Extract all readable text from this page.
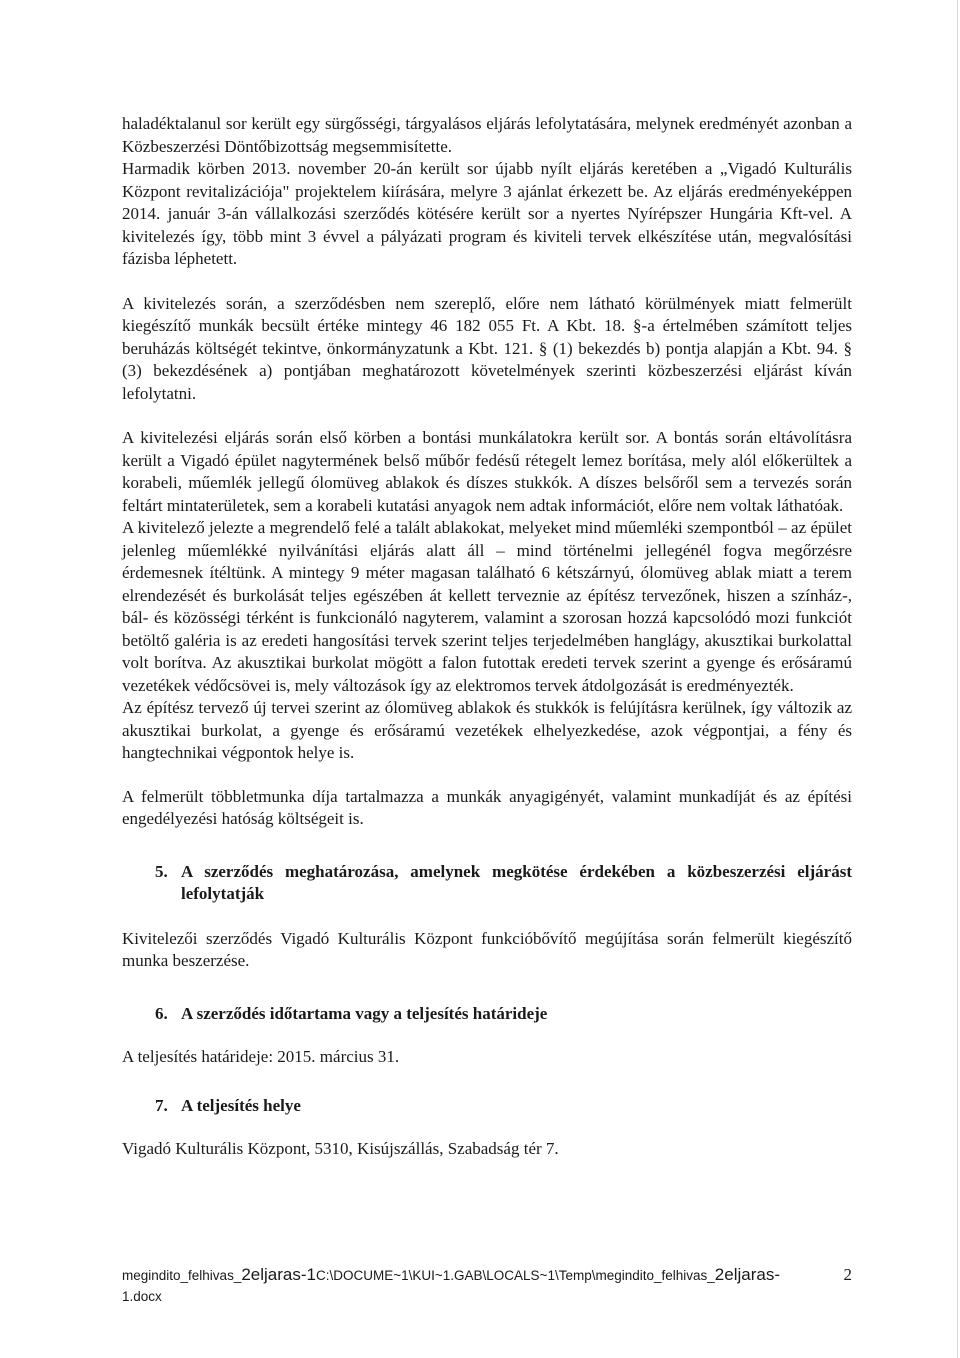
haladéktalanul sor került egy sürgősségi, tárgyalásos eljárás lefolytatására, melynek eredményét azonban a Közbeszerzési Döntőbizottság megsemmisítette.

Harmadik körben 2013. november 20-án került sor újabb nyílt eljárás keretében a „Vigadó Kulturális Központ revitalizációja" projektelem kiírására, melyre 3 ajánlat érkezett be. Az eljárás eredményeképpen 2014. január 3-án vállalkozási szerződés kötésére került sor a nyertes Nyírépszer Hungária Kft-vel. A kivitelezés így, több mint 3 évvel a pályázati program és kiviteli tervek elkészítése után, megvalósítási fázisba léphetett.

A kivitelezés során, a szerződésben nem szereplő, előre nem látható körülmények miatt felmerült kiegészítő munkák becsült értéke mintegy 46 182 055 Ft. A Kbt. 18. §-a értelmében számított teljes beruházás költségét tekintve, önkormányzatunk a Kbt. 121. § (1) bekezdés b) pontja alapján a Kbt. 94. § (3) bekezdésének a) pontjában meghatározott követelmények szerinti közbeszerzési eljárást kíván lefolytatni.

A kivitelezési eljárás során első körben a bontási munkálatokra került sor. A bontás során eltávolításra került a Vigadó épület nagytermének belső műbőr fedésű rétegelt lemez borítása, mely alól előkerültek a korabeli, műemlék jellegű ólomüveg ablakok és díszes stukkók. A díszes belsőről sem a tervezés során feltárt mintaterületek, sem a korabeli kutatási anyagok nem adtak információt, előre nem voltak láthatóak.

A kivitelező jelezte a megrendelő felé a talált ablakokat, melyeket mind műemléki szempontból – az épület jelenleg műemlékké nyilvánítási eljárás alatt áll – mind történelmi jellegénél fogva megőrzésre érdemesnek ítéltünk. A mintegy 9 méter magasan található 6 kétszárnyú, ólomüveg ablak miatt a terem elrendezését és burkolását teljes egészében át kellett terveznie az építész tervezőnek, hiszen a színház-, bál- és közösségi térként is funkcionáló nagyterem, valamint a szorosan hozzá kapcsolódó mozi funkciót betöltő galéria is az eredeti hangosítási tervek szerint teljes terjedelmében hanglágy, akusztikai burkolattal volt borítva. Az akusztikai burkolat mögött a falon futottak eredeti tervek szerint a gyenge és erősáramú vezetékek védőcsövei is, mely változások így az elektromos tervek átdolgozását is eredményezték.

Az építész tervező új tervei szerint az ólomüveg ablakok és stukkók is felújításra kerülnek, így változik az akusztikai burkolat, a gyenge és erősáramú vezetékek elhelyezkedése, azok végpontjai, a fény és hangtechnikai végpontok helye is.

A felmerült többletmunka díja tartalmazza a munkák anyagigényét, valamint munkadíját és az építési engedélyezési hatóság költségeit is.

5. A szerződés meghatározása, amelynek megkötése érdekében a közbeszerzési eljárást lefolytatják

Kivitelezői szerződés Vigadó Kulturális Központ funkcióbővítő megújítása során felmerült kiegészítő munka beszerzése.

6. A szerződés időtartama vagy a teljesítés határideje

A teljesítés határideje: 2015. március 31.

7. A teljesítés helye

Vigadó Kulturális Központ, 5310, Kisújszállás, Szabadság tér 7.

megindito_felhivas_2eljaras-1C:\DOCUME~1\KUI~1.GAB\LOCALS~1\Temp\megindito_felhivas_2eljaras-	2
1.docx
